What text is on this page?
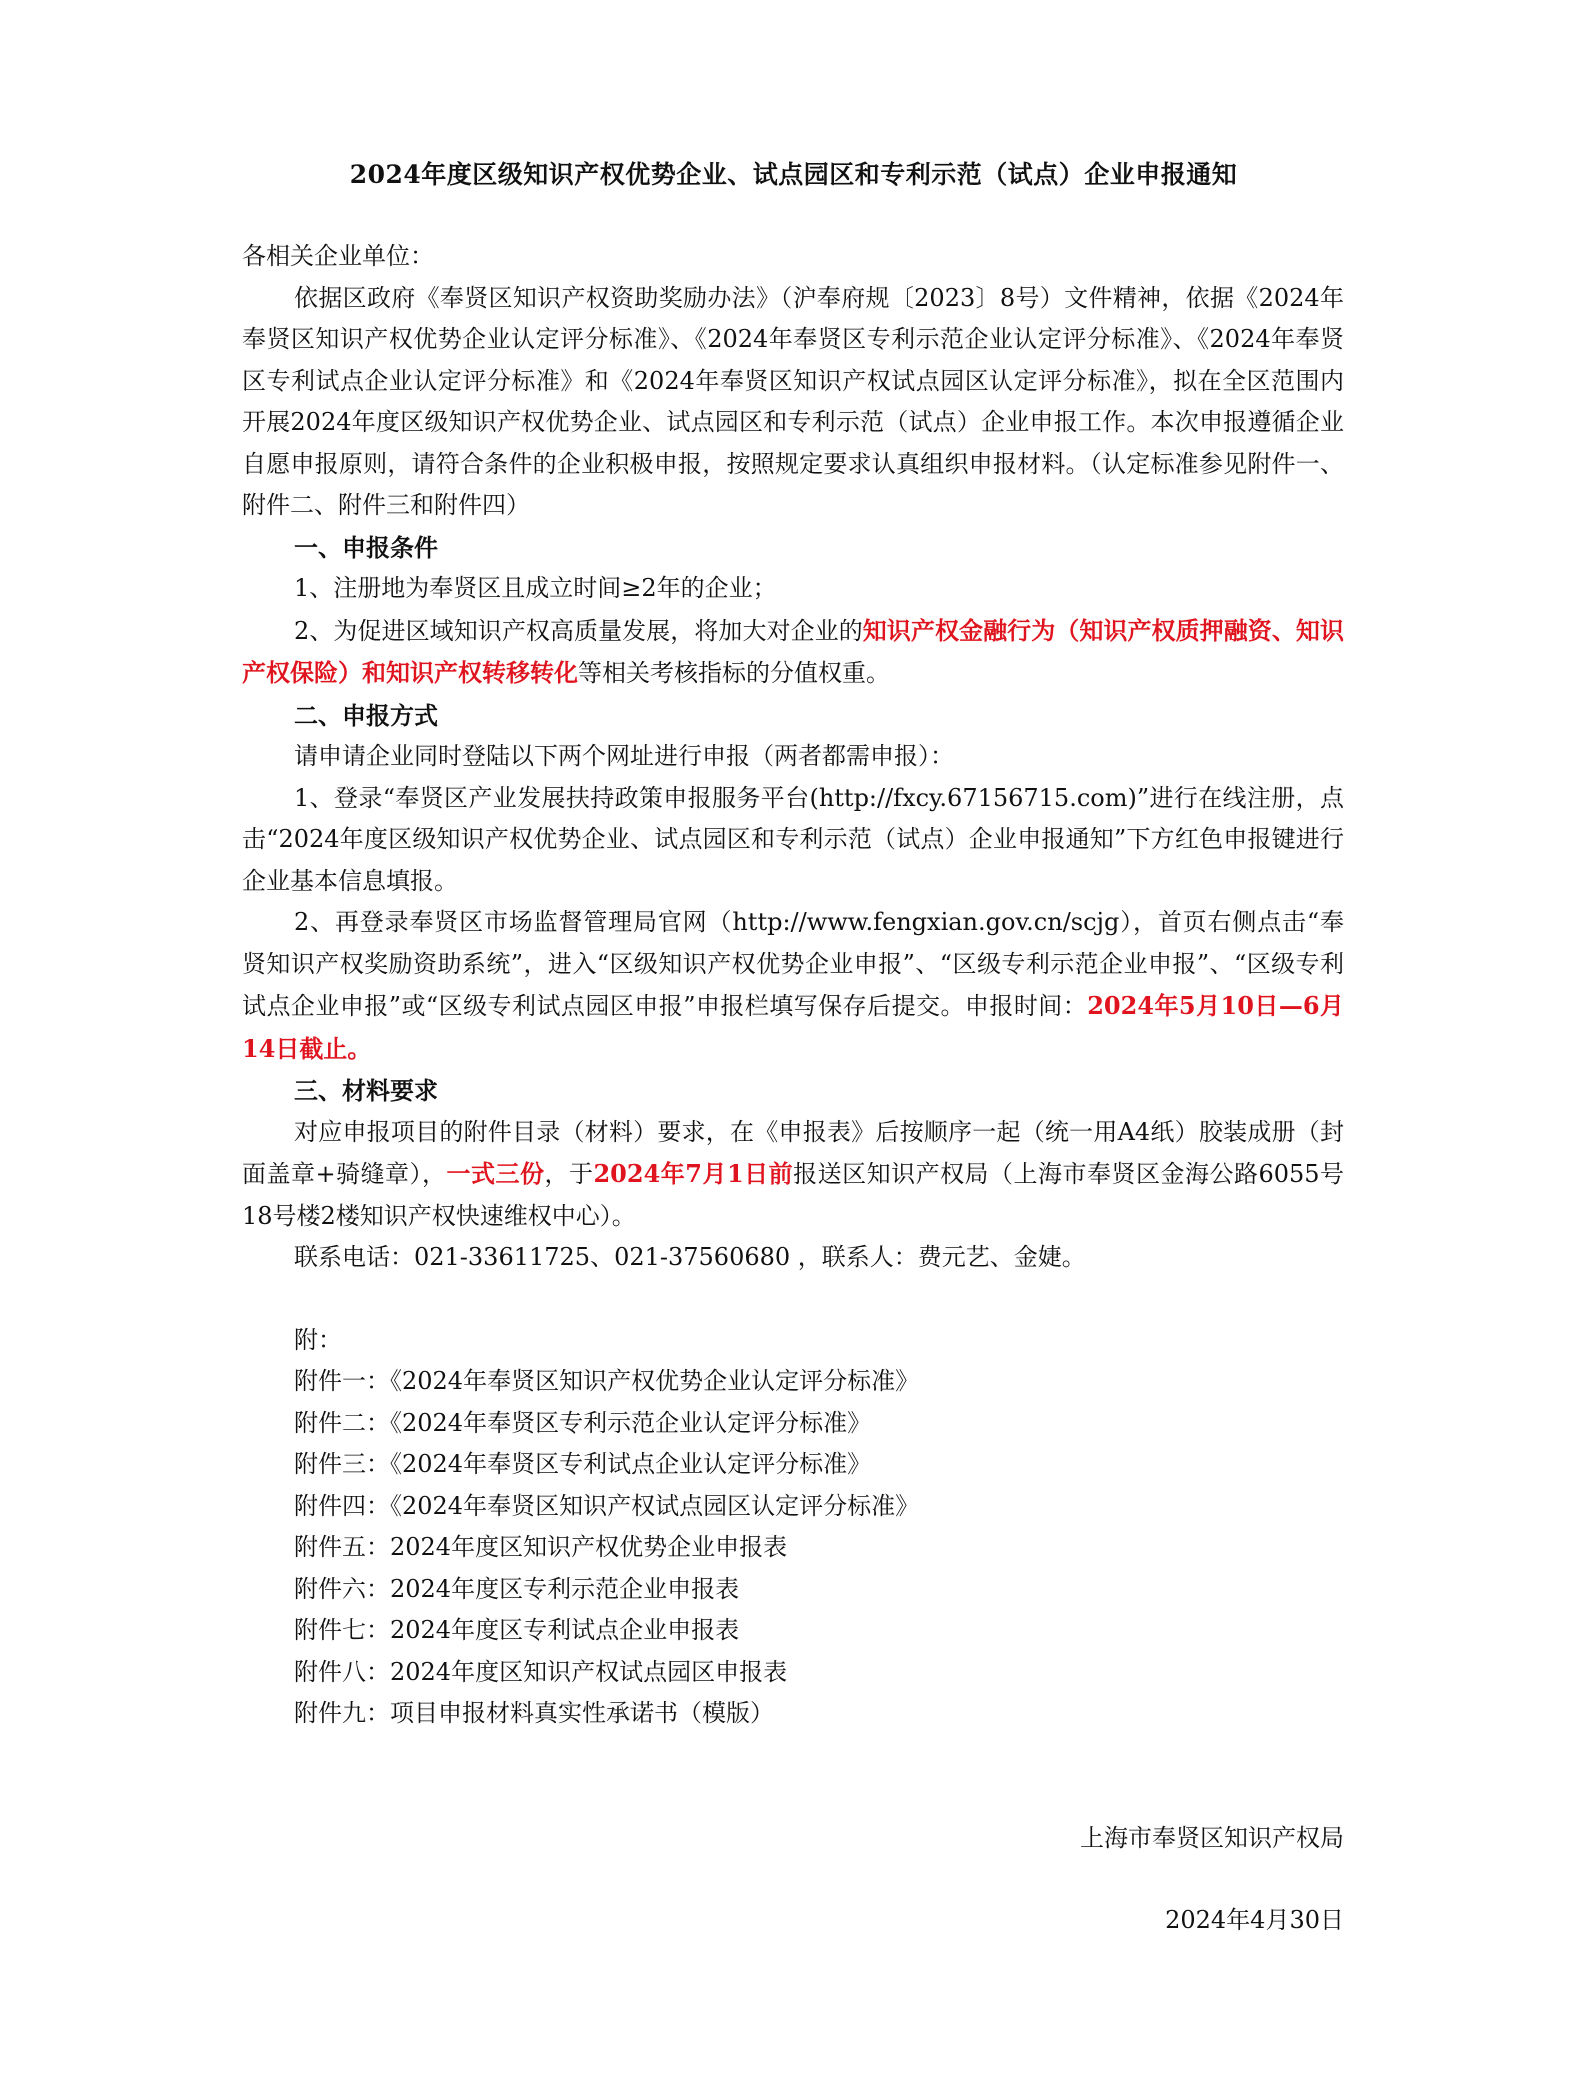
2024年度区级知识产权优势企业、试点园区和专利示范（试点）企业申报通知

各相关企业单位：

依据区政府《奉贤区知识产权资助奖励办法》（沪奉府规〔2023〕8号）文件精神，依据《2024年奉贤区知识产权优势企业认定评分标准》、《2024年奉贤区专利示范企业认定评分标准》、《2024年奉贤区专利试点企业认定评分标准》和《2024年奉贤区知识产权试点园区认定评分标准》，拟在全区范围内开展2024年度区级知识产权优势企业、试点园区和专利示范（试点）企业申报工作。本次申报遵循企业自愿申报原则，请符合条件的企业积极申报，按照规定要求认真组织申报材料。（认定标准参见附件一、附件二、附件三和附件四）

一、申报条件

1、注册地为奉贤区且成立时间≥2年的企业；

2、为促进区域知识产权高质量发展，将加大对企业的知识产权金融行为（知识产权质押融资、知识产权保险）和知识产权转移转化等相关考核指标的分值权重。

二、申报方式

请申请企业同时登陆以下两个网址进行申报（两者都需申报）：

1、登录“奉贤区产业发展扶持政策申报服务平台(http://fxcy.67156715.com)”进行在线注册，点击“2024年度区级知识产权优势企业、试点园区和专利示范（试点）企业申报通知”下方红色申报键进行企业基本信息填报。

2、再登录奉贤区市场监督管理局官网（http://www.fengxian.gov.cn/scjg），首页右侧点击“奉贤知识产权奖励资助系统”，进入“区级知识产权优势企业申报”、“区级专利示范企业申报”、“区级专利试点企业申报”或“区级专利试点园区申报”申报栏填写保存后提交。申报时间：2024年5月10日—6月14日截止。

三、材料要求

对应申报项目的附件目录（材料）要求，在《申报表》后按顺序一起（统一用A4纸）胶装成册（封面盖章+骑缝章），一式三份，于2024年7月1日前报送区知识产权局（上海市奉贤区金海公路6055号18号楼2楼知识产权快速维权中心）。

联系电话：021-33611725、021-37560680 ，联系人：费元艺、金婕。

附：

附件一：《2024年奉贤区知识产权优势企业认定评分标准》

附件二：《2024年奉贤区专利示范企业认定评分标准》

附件三：《2024年奉贤区专利试点企业认定评分标准》

附件四：《2024年奉贤区知识产权试点园区认定评分标准》

附件五：2024年度区知识产权优势企业申报表

附件六：2024年度区专利示范企业申报表

附件七：2024年度区专利试点企业申报表

附件八：2024年度区知识产权试点园区申报表

附件九：项目申报材料真实性承诺书（模版）

上海市奉贤区知识产权局
2024年4月30日
